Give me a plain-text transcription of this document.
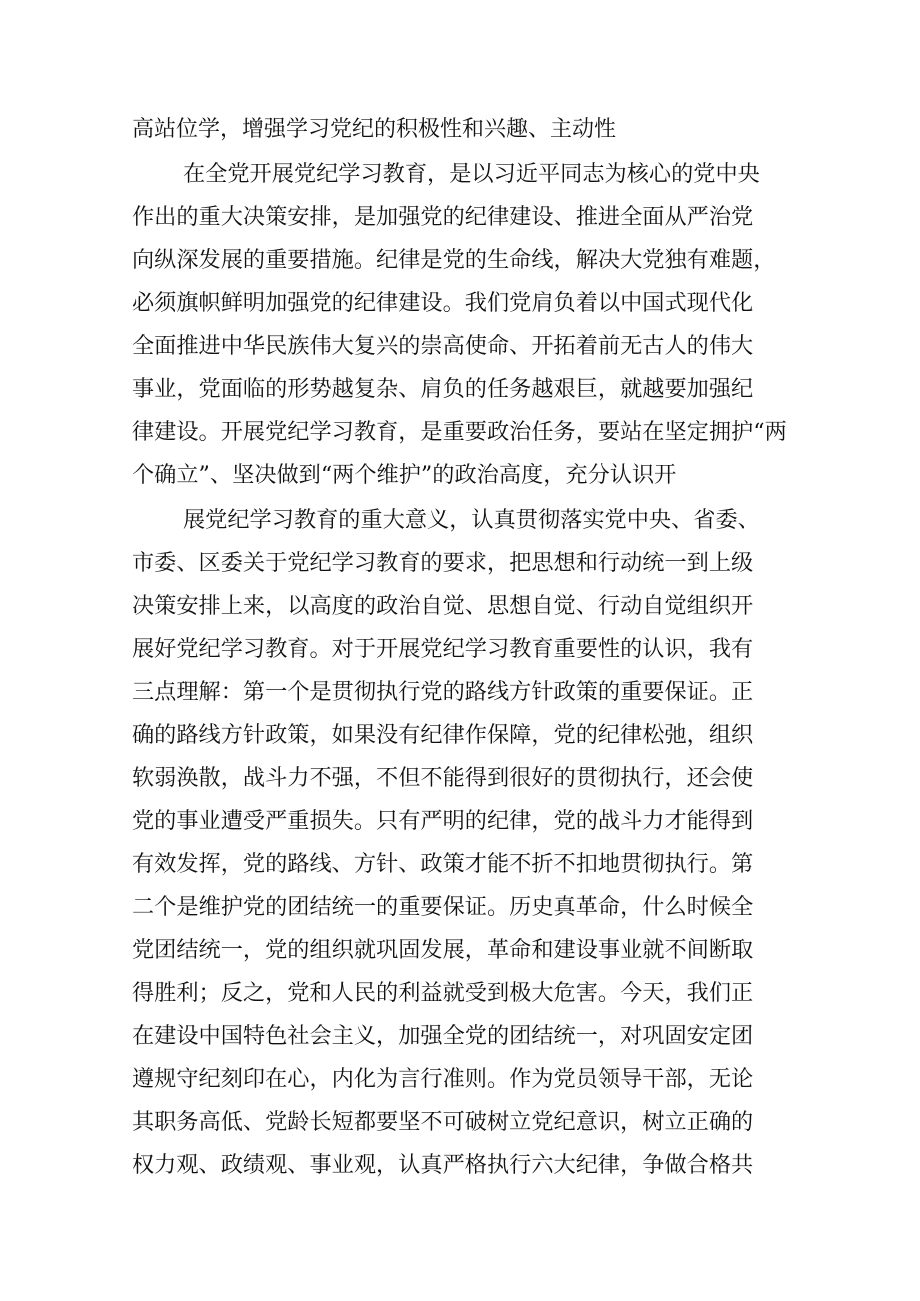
高站位学，增强学习党纪的积极性和兴趣、主动性

在全党开展党纪学习教育，是以习近平同志为核心的党中央

作出的重大决策安排，是加强党的纪律建设、推进全面从严治党

向纵深发展的重要措施。纪律是党的生命线，解决大党独有难题，

必须旗帜鲜明加强党的纪律建设。我们党肩负着以中国式现代化

全面推进中华民族伟大复兴的崇高使命、开拓着前无古人的伟大

事业，党面临的形势越复杂、肩负的任务越艰巨，就越要加强纪

律建设。开展党纪学习教育，是重要政治任务，要站在坚定拥护“两

个确立”、坚决做到“两个维护”的政治高度，充分认识开

展党纪学习教育的重大意义，认真贯彻落实党中央、省委、

市委、区委关于党纪学习教育的要求，把思想和行动统一到上级

决策安排上来，以高度的政治自觉、思想自觉、行动自觉组织开

展好党纪学习教育。对于开展党纪学习教育重要性的认识，我有

三点理解：第一个是贯彻执行党的路线方针政策的重要保证。正

确的路线方针政策，如果没有纪律作保障，党的纪律松弛，组织

软弱涣散，战斗力不强，不但不能得到很好的贯彻执行，还会使

党的事业遭受严重损失。只有严明的纪律，党的战斗力才能得到

有效发挥，党的路线、方针、政策才能不折不扣地贯彻执行。第

二个是维护党的团结统一的重要保证。历史真革命，什么时候全

党团结统一，党的组织就巩固发展，革命和建设事业就不间断取

得胜利；反之，党和人民的利益就受到极大危害。今天，我们正

在建设中国特色社会主义，加强全党的团结统一，对巩固安定团

遵规守纪刻印在心，内化为言行准则。作为党员领导干部，无论

其职务高低、党龄长短都要坚不可破树立党纪意识，树立正确的

权力观、政绩观、事业观，认真严格执行六大纪律，争做合格共
